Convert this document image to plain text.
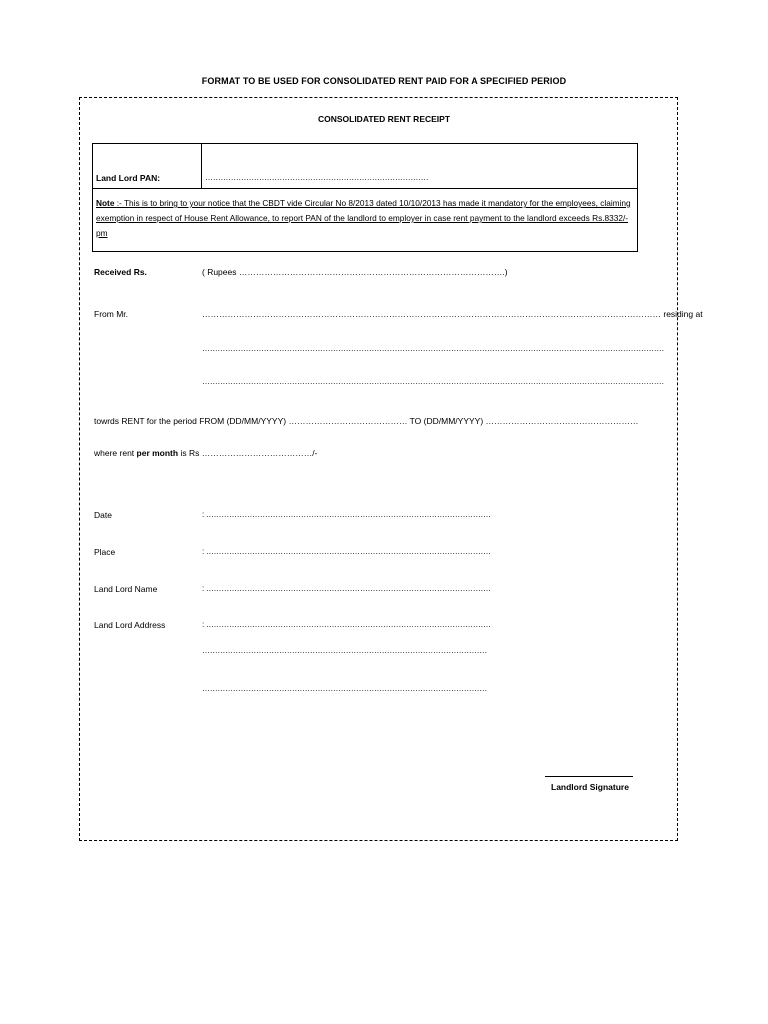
FORMAT TO BE USED FOR CONSOLIDATED RENT PAID FOR A SPECIFIED PERIOD
CONSOLIDATED RENT RECEIPT
Land Lord PAN:	……………………………………………………………………………
Note :- This is to bring to your notice that the CBDT vide Circular No 8/2013 dated 10/10/2013 has made it mandatory for the employees, claiming exemption in respect of House Rent Allowance, to report PAN of the landlord to employer in case rent payment to the landlord exceeds Rs.8332/- pm
Received Rs.	( Rupees ………………………………………………………………………………….)
From Mr.	……………………………………………………………………………………………………………………………………………… residing at
………………………………………………………………………………………………………………………………………………………………
………………………………………………………………………………………………………………………………………………………………
towrds RENT for the period FROM (DD/MM/YYYY) …………………………………… TO (DD/MM/YYYY) ………………………………………………
where rent per month is Rs …………………………………/-
Date	: …………………………………………………………………………………………………
Place	: …………………………………………………………………………………………………
Land Lord Name	: …………………………………………………………………………………………………
Land Lord Address	: …………………………………………………………………………………………………
…………………………………………………………………………………………………
…………………………………………………………………………………………………
Landlord Signature
